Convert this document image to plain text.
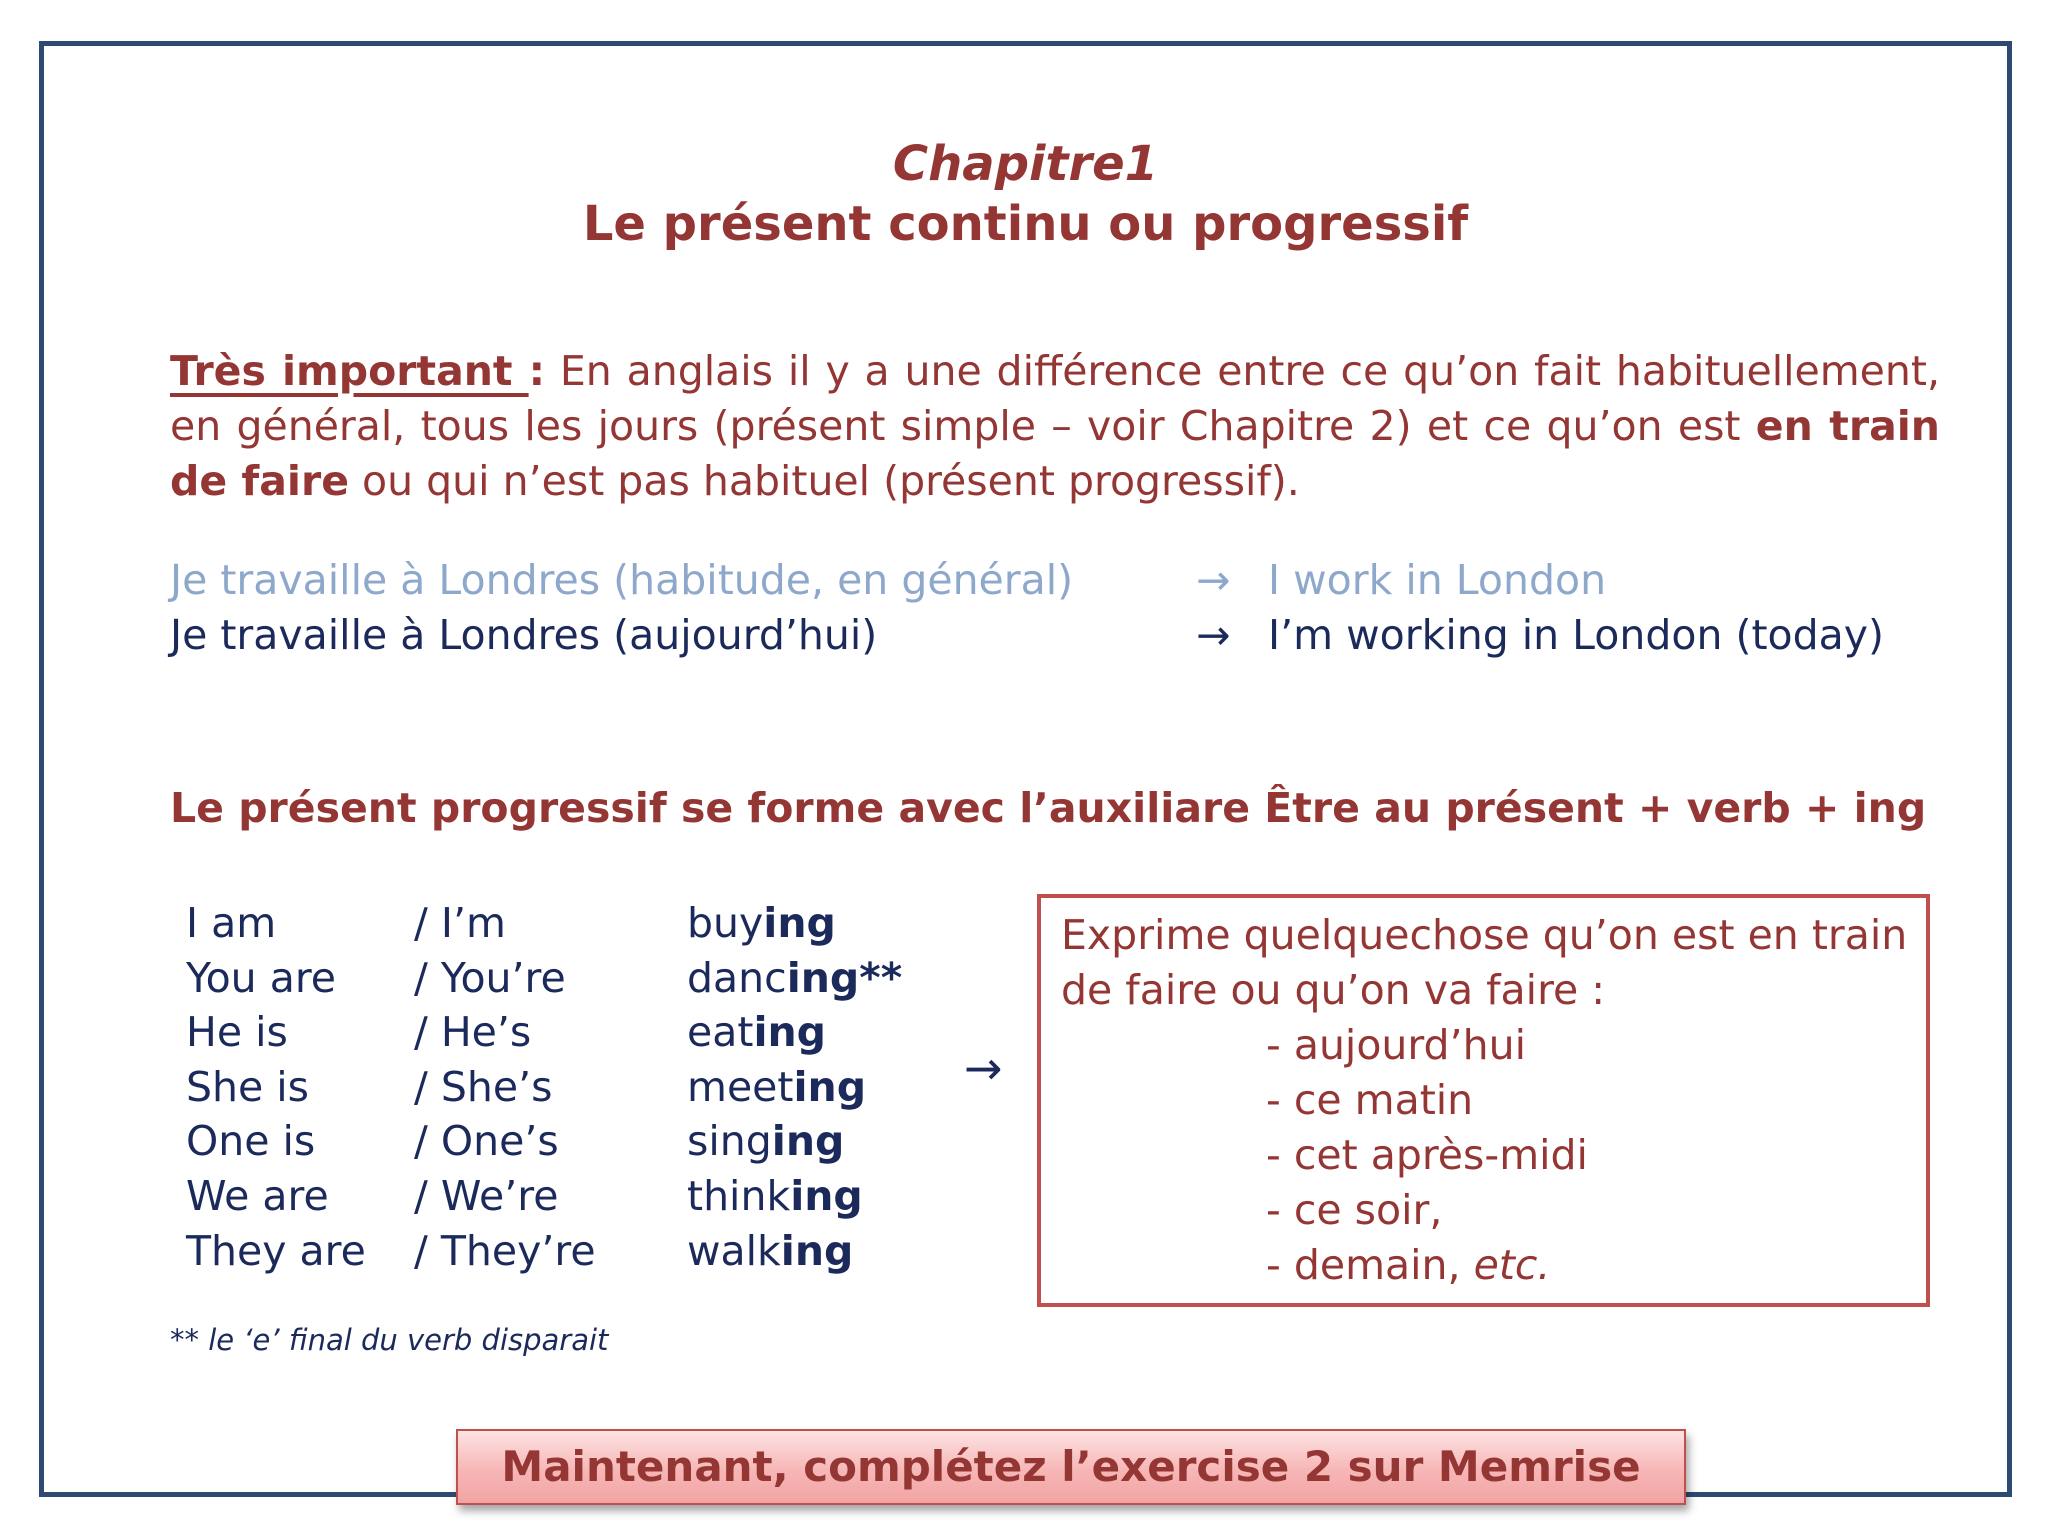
Chapitre1
Le présent continu ou progressif
Très important : En anglais il y a une différence entre ce qu’on fait habituellement, en général, tous les jours (présent simple – voir Chapitre 2) et ce qu’on est en train de faire ou qui n’est pas habituel (présent progressif).
Je travaille à Londres (habitude, en général)	→ I work in London
Je travaille à Londres (aujourd’hui)	→ I’m working in London (today)
Le présent progressif se forme avec l’auxiliare Être au présent + verb + ing
I am
You are
He is
She is
One is
We are
They are
/ I’m
/ You’re
/ He’s
/ She’s
/ One’s
/ We’re
/ They’re
buying
dancing**
eating
meeting
singing
thinking
walking
→
Exprime quelquechose qu’on est en train
de faire ou qu’on va faire :
- aujourd’hui
- ce matin
- cet après-midi
- ce soir,
- demain, etc.
** le ‘e’ final du verb disparait
Maintenant, complétez l’exercise 2 sur Memrise
